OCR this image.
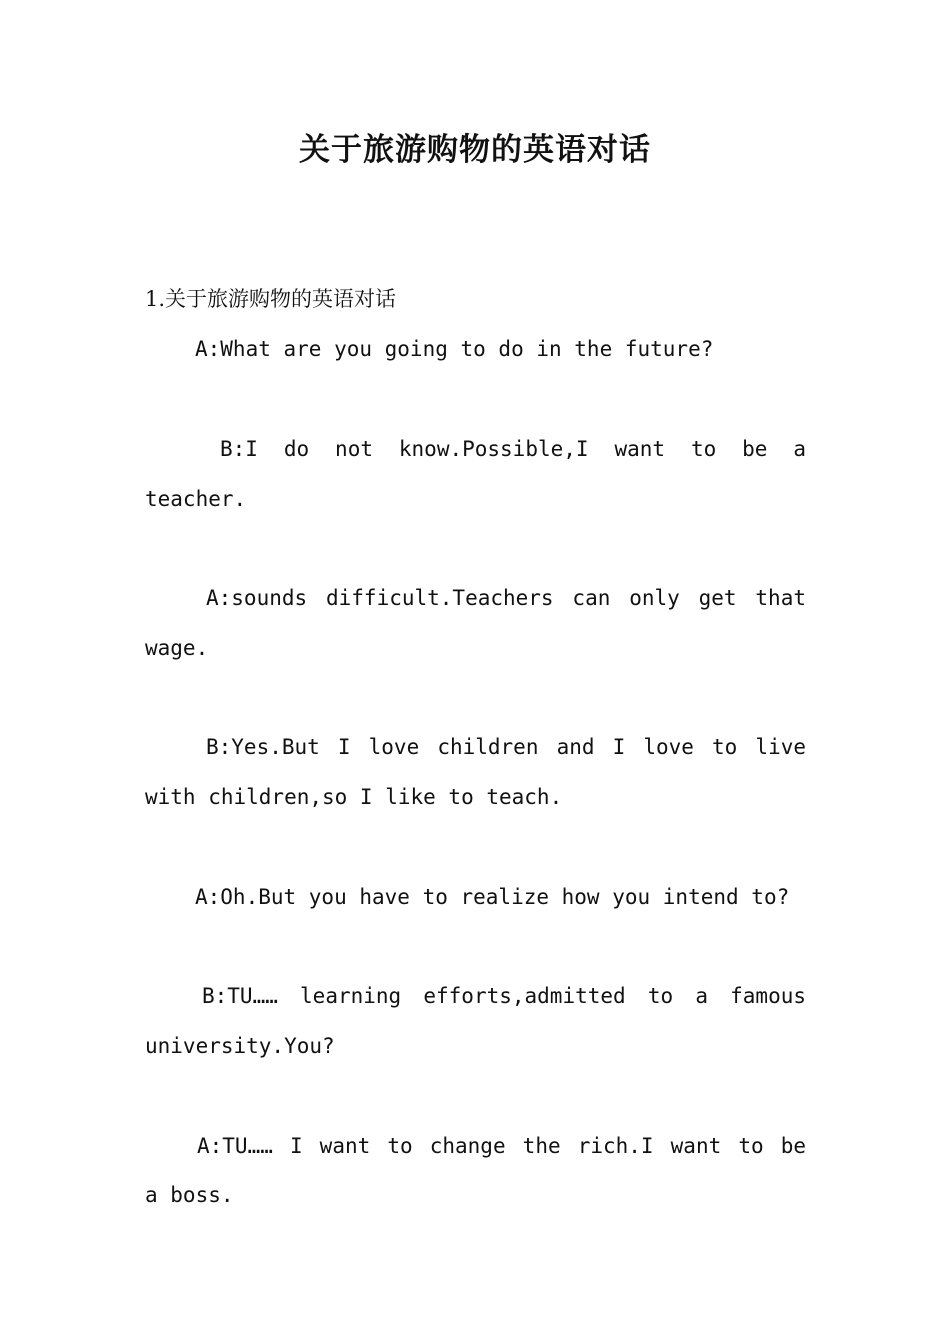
关于旅游购物的英语对话
1.关于旅游购物的英语对话
A:What are you going to do in the future?
B:I do not know.Possible,I want to be a
teacher.
A:sounds difficult.Teachers can only get that
wage.
B:Yes.But I love children and I love to live
with children,so I like to teach.
A:Oh.But you have to realize how you intend to?
B:TU…… learning efforts,admitted to a famous
university.You?
A:TU…… I want to change the rich.I want to be
a boss.
